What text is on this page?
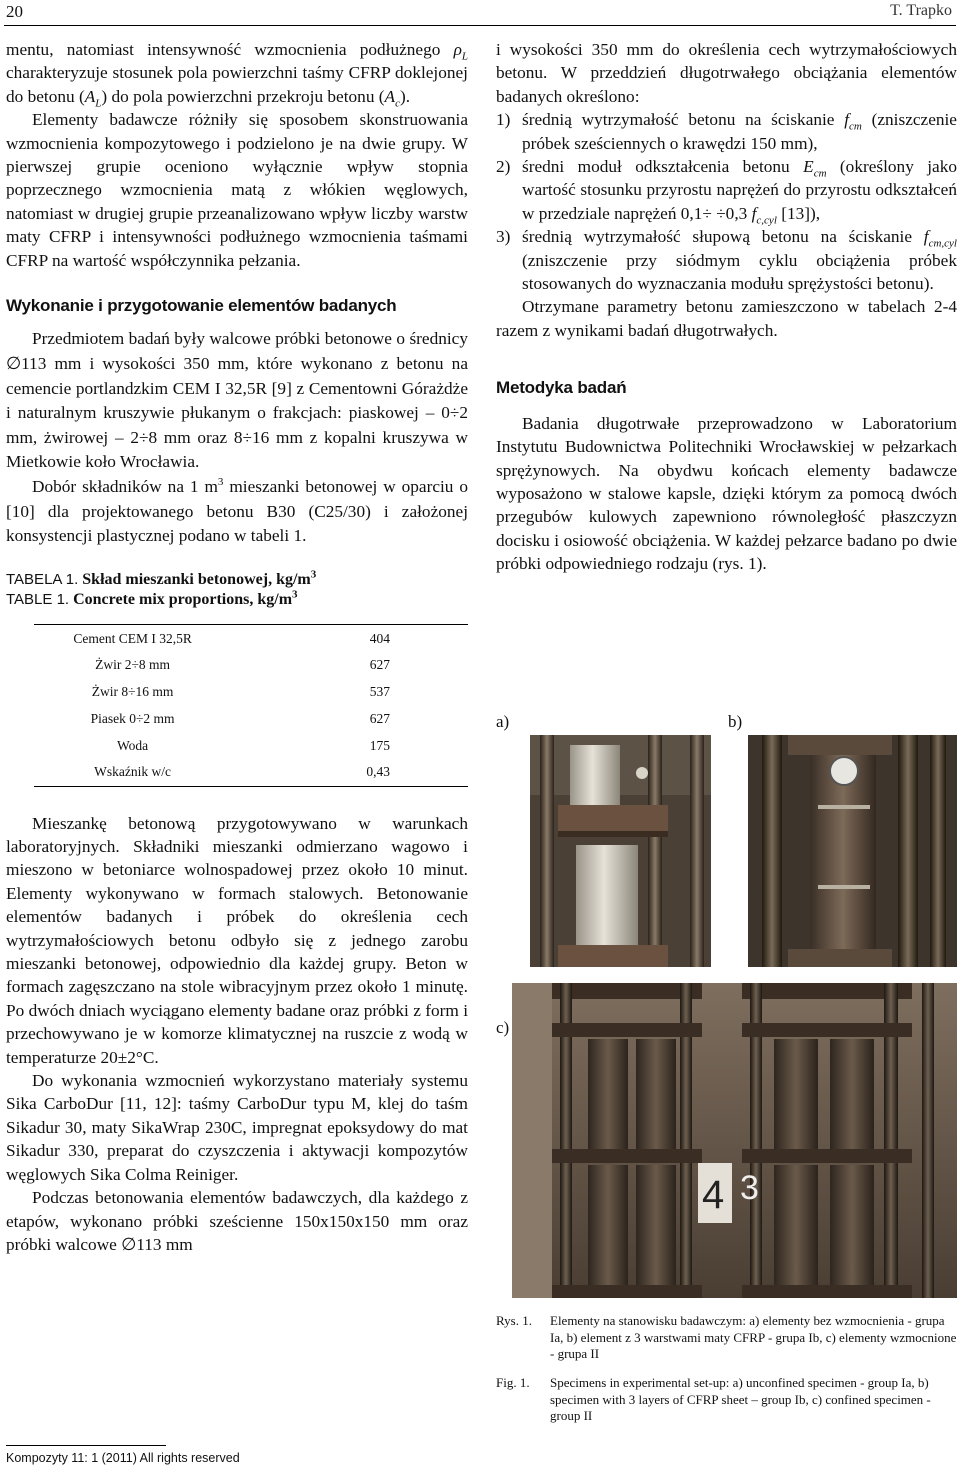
20	T. Trapko

mentu, natomiast intensywność wzmocnienia podłużnego $\rho_L$ charakteryzuje stosunek pola powierzchni taśmy CFRP doklejonej do betonu $(A_L)$ do pola powierzchni przekroju betonu $(A_c)$.

Elementy badawcze różniły się sposobem skonstruowania wzmocnienia kompozytowego i podzielono je na dwie grupy. W pierwszej grupie oceniono wyłącznie wpływ stopnia poprzecznego wzmocnienia matą z włókien węglowych, natomiast w drugiej grupie przeanalizowano wpływ liczby warstw maty CFRP i intensywności podłużnego wzmocnienia taśmami CFRP na wartość współczynnika pełzania.

Wykonanie i przygotowanie elementów badanych

Przedmiotem badań były walcowe próbki betonowe o średnicy ∅113 mm i wysokości 350 mm, które wykonano z betonu na cemencie portlandzkim CEM I 32,5R [9] z Cementowni Górażdże i naturalnym kruszywie płukanym o frakcjach: piaskowej – 0÷2 mm, żwirowej – 2÷8 mm oraz 8÷16 mm z kopalni kruszywa w Mietkowie koło Wrocławia.

Dobór składników na 1 $m^3$ mieszanki betonowej w oparciu o [10] dla projektowanego betonu B30 (C25/30) i założonej konsystencji plastycznej podano w tabeli 1.

TABELA 1. Skład mieszanki betonowej, $kg/m^3$

TABLE 1. Concrete mix proportions, $kg/m^3$

Cement CEM I 32,5R	404
Żwir 2÷8 mm	627
Żwir 8÷16 mm	537
Piasek 0÷2 mm	627
Woda	175
Wskaźnik w/c	0,43

Mieszankę betonową przygotowywano w warunkach laboratoryjnych. Składniki mieszanki odmierzano wagowo i mieszono w betoniarce wolnospadowej przez około 10 minut. Elementy wykonywano w formach stalowych. Betonowanie elementów badanych i próbek do określenia cech wytrzymałościowych betonu odbyło się z jednego zarobu mieszanki betonowej, odpowiednio dla każdej grupy. Beton w formach zagęszczano na stole wibracyjnym przez około 1 minutę. Po dwóch dniach wyciągano elementy badane oraz próbki z form i przechowywano je w komorze klimatycznej na ruszcie z wodą w temperaturze 20±2°C.

Do wykonania wzmocnień wykorzystano materiały systemu Sika CarboDur [11, 12]: taśmy CarboDur typu M, klej do taśm Sikadur 30, maty SikaWrap 230C, impregnat epoksydowy do mat Sikadur 330, preparat do czyszczenia i aktywacji kompozytów węglowych Sika Colma Reiniger.

Podczas betonowania elementów badawczych, dla każdego z etapów, wykonano próbki sześcienne 150x150x150 mm oraz próbki walcowe ∅113 mm

i wysokości 350 mm do określenia cech wytrzymałościowych betonu. W przeddzień długotrwałego obciążania elementów badanych określono:

1) średnią wytrzymałość betonu na ściskanie $f_{cm}$ (zniszczenie próbek sześciennych o krawędzi 150 mm),
2) średni moduł odkształcenia betonu $E_{cm}$ (określony jako wartość stosunku przyrostu naprężeń do przyrostu odkształceń w przedziale naprężeń 0,1÷ ÷0,3 $f_{c,cyl}$ [13]),
3) średnią wytrzymałość słupową betonu na ściskanie $f_{cm,cyl}$ (zniszczenie przy siódmym cyklu obciążenia próbek stosowanych do wyznaczania modułu sprężystości betonu).

Otrzymane parametry betonu zamieszczono w tabelach 2-4 razem z wynikami badań długotrwałych.

Metodyka badań

Badania długotrwałe przeprowadzono w Laboratorium Instytutu Budownictwa Politechniki Wrocławskiej w pełzarkach sprężynowych. Na obydwu końcach elementy badawcze wyposażono w stalowe kapsle, dzięki którym za pomocą dwóch przegubów kulowych zapewniono równoległość płaszczyzn docisku i osiowość obciążenia. W każdej pełzarce badano po dwie próbki odpowiedniego rodzaju (rys. 1).

a)	b)
c)
4 3
Rys. 1.	Elementy na stanowisku badawczym: a) elementy bez wzmocnienia - grupa Ia, b) element z 3 warstwami maty CFRP - grupa Ib, c) elementy wzmocnione - grupa II
Fig. 1.	Specimens in experimental set-up: a) unconfined specimen - group Ia, b) specimen with 3 layers of CFRP sheet – group Ib, c) confined specimen - group II
Kompozyty 11: 1 (2011) All rights reserved
